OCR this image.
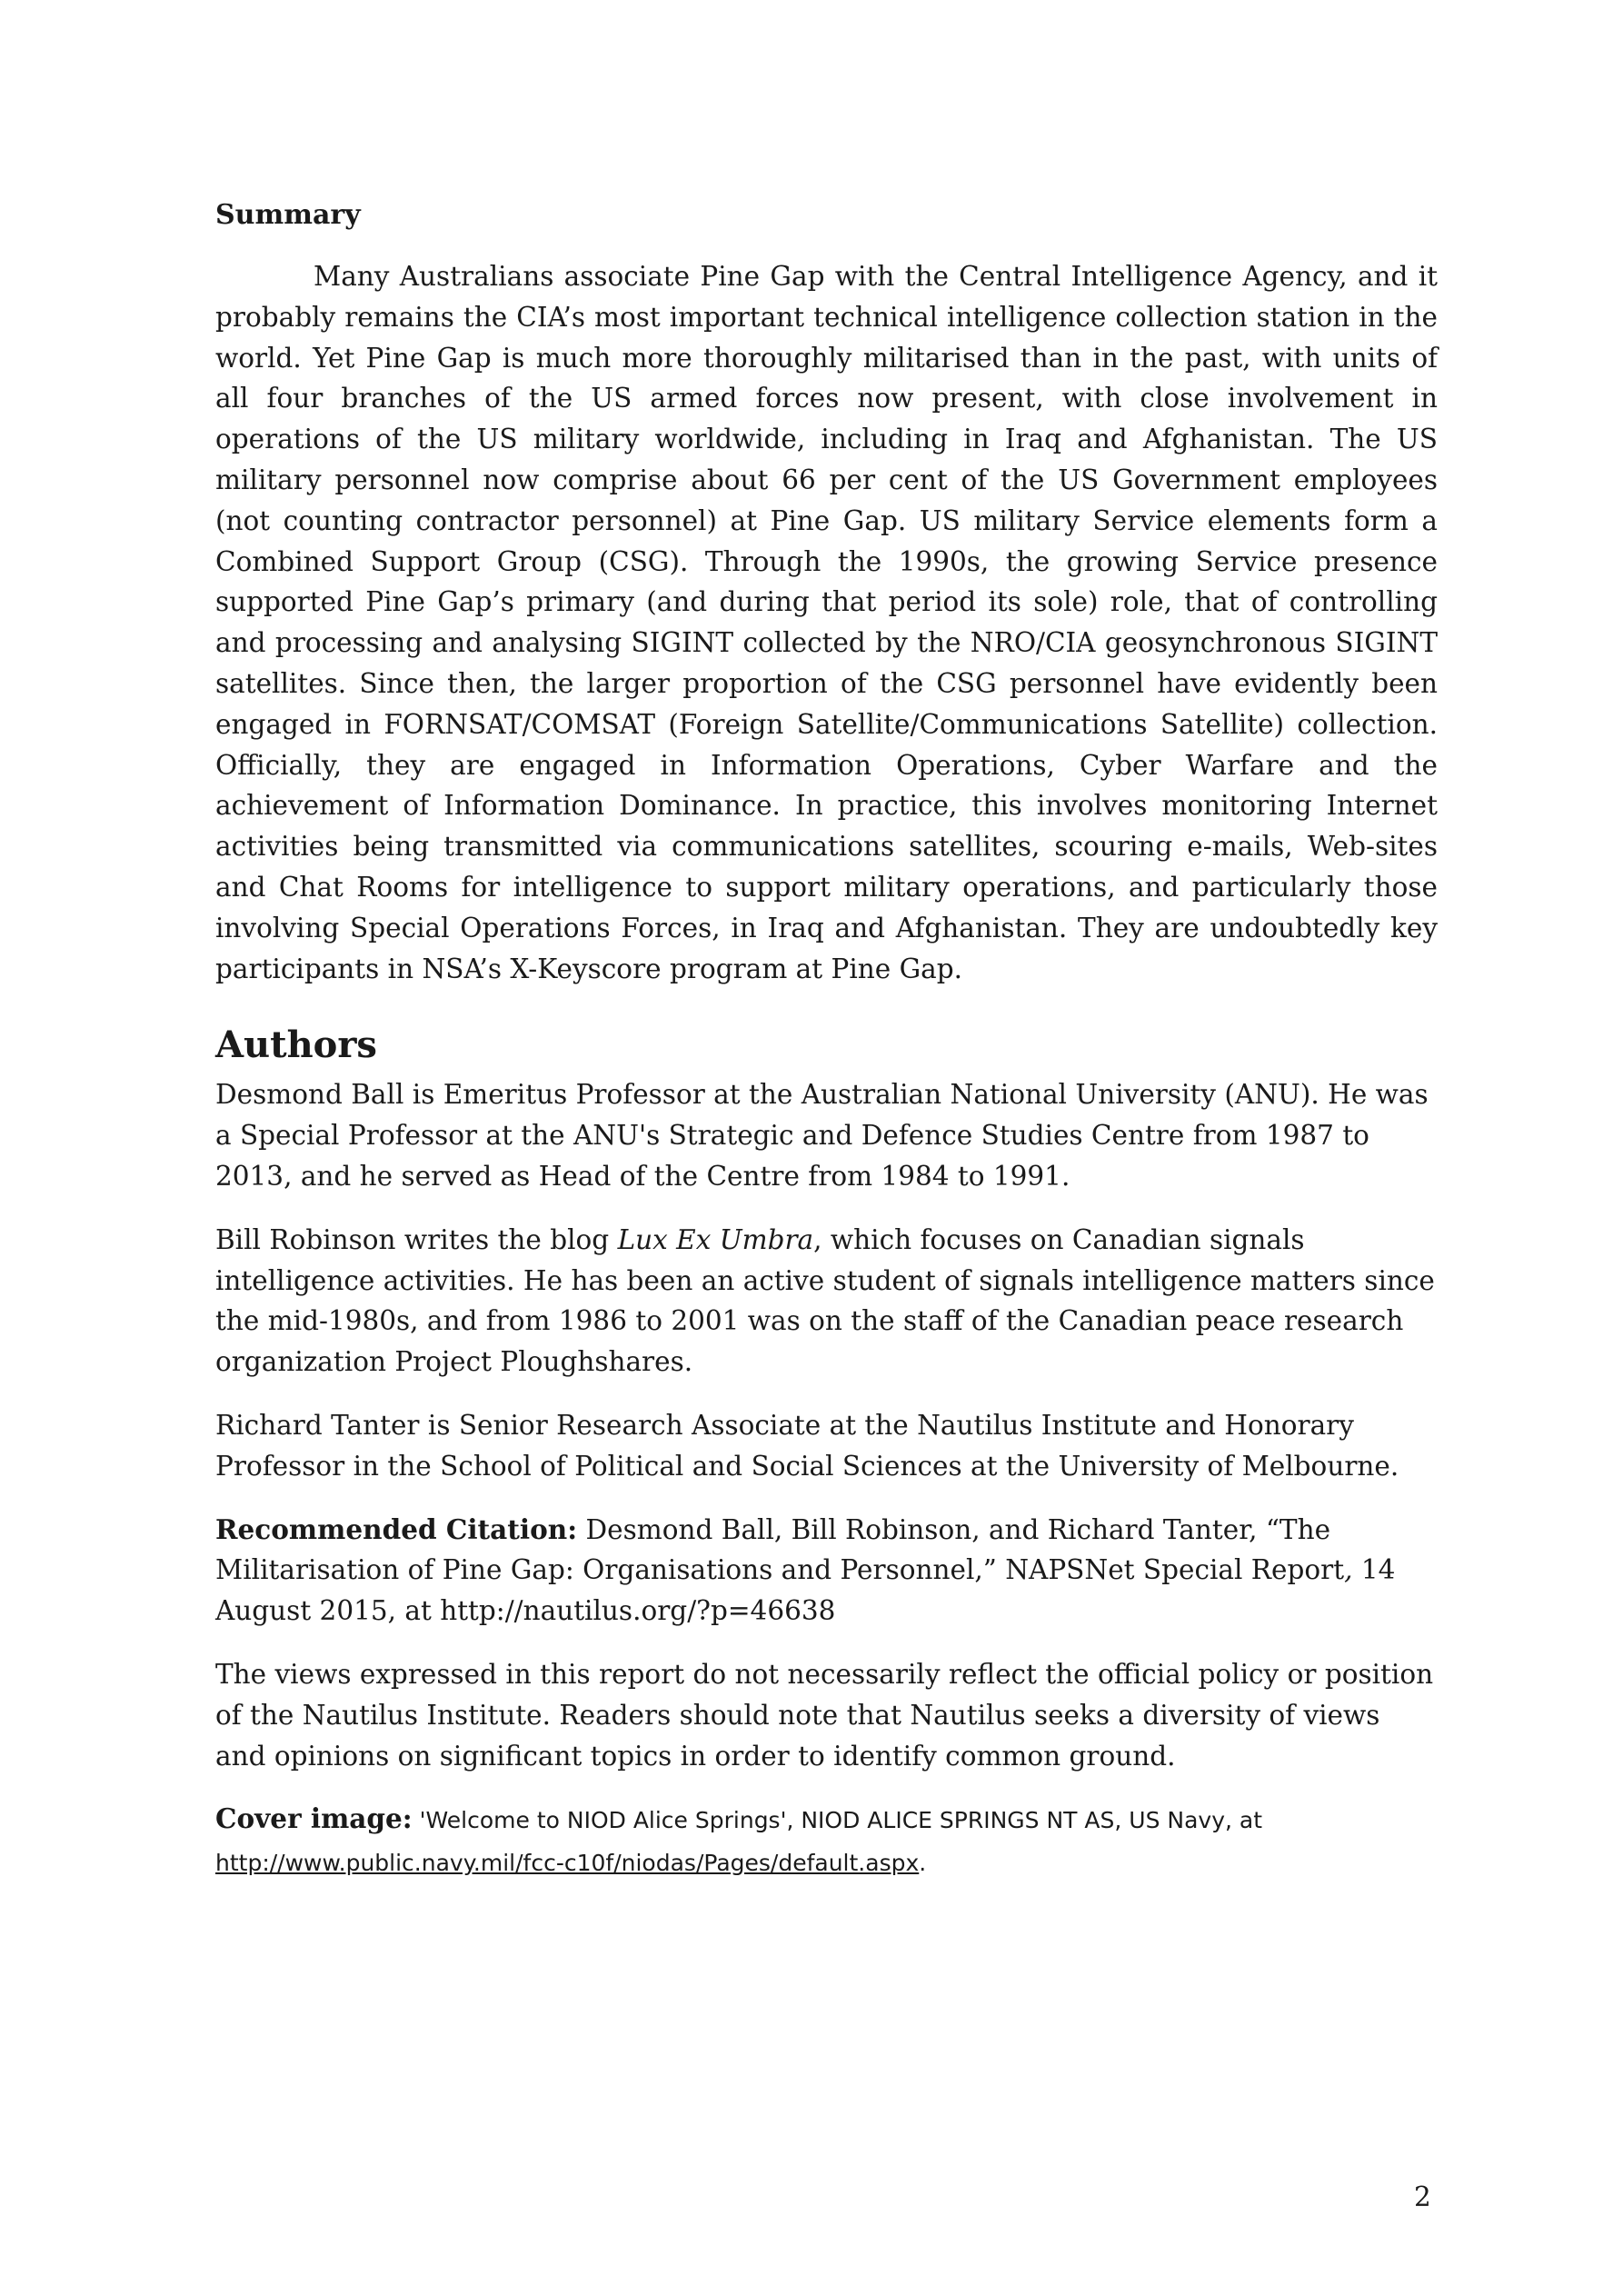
Summary

Many Australians associate Pine Gap with the Central Intelligence Agency, and it probably remains the CIA’s most important technical intelligence collection station in the world. Yet Pine Gap is much more thoroughly militarised than in the past, with units of all four branches of the US armed forces now present, with close involvement in operations of the US military worldwide, including in Iraq and Afghanistan. The US military personnel now comprise about 66 per cent of the US Government employees (not counting contractor personnel) at Pine Gap. US military Service elements form a Combined Support Group (CSG). Through the 1990s, the growing Service presence supported Pine Gap’s primary (and during that period its sole) role, that of controlling and processing and analysing SIGINT collected by the NRO/CIA geosynchronous SIGINT satellites. Since then, the larger proportion of the CSG personnel have evidently been engaged in FORNSAT/COMSAT (Foreign Satellite/Communications Satellite) collection. Officially, they are engaged in Information Operations, Cyber Warfare and the achievement of Information Dominance. In practice, this involves monitoring Internet activities being transmitted via communications satellites, scouring e-mails, Web-sites and Chat Rooms for intelligence to support military operations, and particularly those involving Special Operations Forces, in Iraq and Afghanistan. They are undoubtedly key participants in NSA’s X-Keyscore program at Pine Gap.

Authors

Desmond Ball is Emeritus Professor at the Australian National University (ANU). He was a Special Professor at the ANU's Strategic and Defence Studies Centre from 1987 to 2013, and he served as Head of the Centre from 1984 to 1991.

Bill Robinson writes the blog Lux Ex Umbra, which focuses on Canadian signals intelligence activities. He has been an active student of signals intelligence matters since the mid-1980s, and from 1986 to 2001 was on the staff of the Canadian peace research organization Project Ploughshares.

Richard Tanter is Senior Research Associate at the Nautilus Institute and Honorary Professor in the School of Political and Social Sciences at the University of Melbourne.

Recommended Citation: Desmond Ball, Bill Robinson, and Richard Tanter, “The Militarisation of Pine Gap: Organisations and Personnel,” NAPSNet Special Report, 14 August 2015, at http://nautilus.org/?p=46638

The views expressed in this report do not necessarily reflect the official policy or position of the Nautilus Institute. Readers should note that Nautilus seeks a diversity of views and opinions on significant topics in order to identify common ground.

Cover image: 'Welcome to NIOD Alice Springs', NIOD ALICE SPRINGS NT AS, US Navy, at
http://www.public.navy.mil/fcc-c10f/niodas/Pages/default.aspx.

2
